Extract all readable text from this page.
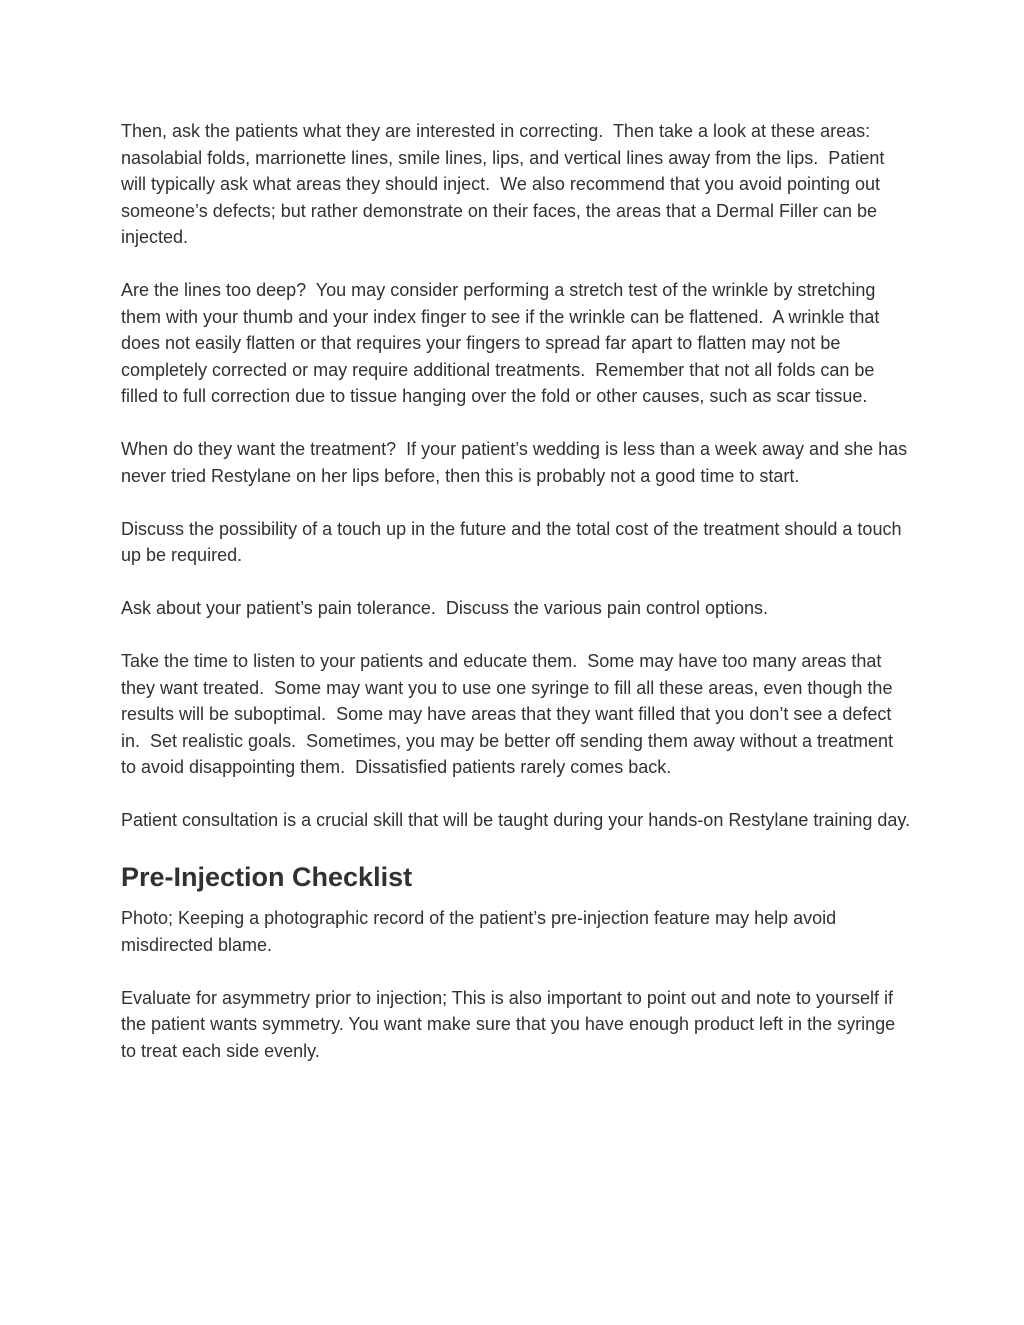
Then, ask the patients what they are interested in correcting.  Then take a look at these areas: nasolabial folds, marrionette lines, smile lines, lips, and vertical lines away from the lips.  Patient will typically ask what areas they should inject.  We also recommend that you avoid pointing out someone’s defects; but rather demonstrate on their faces, the areas that a Dermal Filler can be injected.

Are the lines too deep?  You may consider performing a stretch test of the wrinkle by stretching them with your thumb and your index finger to see if the wrinkle can be flattened.  A wrinkle that does not easily flatten or that requires your fingers to spread far apart to flatten may not be completely corrected or may require additional treatments.  Remember that not all folds can be filled to full correction due to tissue hanging over the fold or other causes, such as scar tissue.

When do they want the treatment?  If your patient’s wedding is less than a week away and she has never tried Restylane on her lips before, then this is probably not a good time to start.

Discuss the possibility of a touch up in the future and the total cost of the treatment should a touch up be required.

Ask about your patient’s pain tolerance.  Discuss the various pain control options.

Take the time to listen to your patients and educate them.  Some may have too many areas that they want treated.  Some may want you to use one syringe to fill all these areas, even though the results will be suboptimal.  Some may have areas that they want filled that you don’t see a defect in.  Set realistic goals.  Sometimes, you may be better off sending them away without a treatment to avoid disappointing them.  Dissatisfied patients rarely comes back.

Patient consultation is a crucial skill that will be taught during your hands-on Restylane training day.

Pre-Injection Checklist

Photo; Keeping a photographic record of the patient’s pre-injection feature may help avoid misdirected blame.

Evaluate for asymmetry prior to injection; This is also important to point out and note to yourself if the patient wants symmetry. You want make sure that you have enough product left in the syringe to treat each side evenly.
